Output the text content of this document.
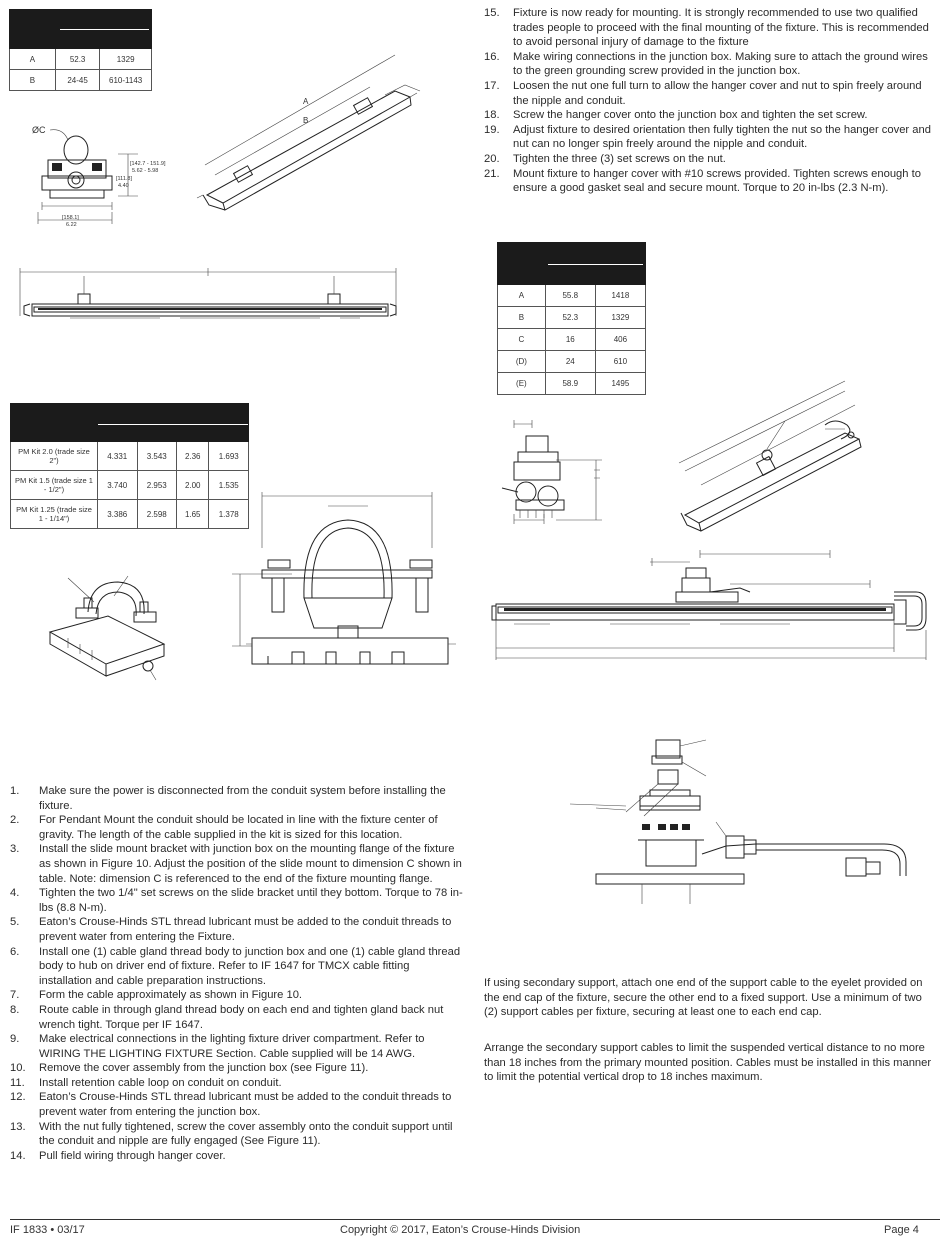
A	52.3	1329
B	24-45	610-1143
ØC
[142.7 - 151.9]
5.62 - 5.98
[111.8]
4.40
[158.1]
6.22
A
B

PM Kit 2.0 (trade size 2")	4.331	3.543	2.36	1.693
PM Kit 1.5 (trade size 1 - 1/2")	3.740	2.953	2.00	1.535
PM Kit 1.25 (trade size 1 - 1/14")	3.386	2.598	1.65	1.378
1. Make sure the power is disconnected from the conduit system before installing the fixture.
2. For Pendant Mount the conduit should be located in line with the fixture center of gravity. The length of the cable supplied in the kit is sized for this location.
3. Install the slide mount bracket with junction box on the mounting flange of the fixture as shown in Figure 10. Adjust the position of the slide mount to dimension C shown in table. Note: dimension C is referenced to the end of the fixture mounting flange.
4. Tighten the two 1/4" set screws on the slide bracket until they bottom. Torque to 78 in-lbs (8.8 N-m).
5. Eaton’s Crouse-Hinds STL thread lubricant must be added to the conduit threads to prevent water from entering the Fixture.
6. Install one (1) cable gland thread body to junction box and one (1) cable gland thread body to hub on driver end of fixture. Refer to IF 1647 for TMCX cable fitting installation and cable preparation instructions.
7. Form the cable approximately as shown in Figure 10.
8. Route cable in through gland thread body on each end and tighten gland back nut wrench tight. Torque per IF 1647.
9. Make electrical connections in the lighting fixture driver compartment. Refer to WIRING THE LIGHTING FIXTURE Section. Cable supplied will be 14 AWG.
10. Remove the cover assembly from the junction box (see Figure 11).
11. Install retention cable loop on conduit on conduit.
12. Eaton’s Crouse-Hinds STL thread lubricant must be added to the conduit threads to prevent water from entering the junction box.
13. With the nut fully tightened, screw the cover assembly onto the conduit support until the conduit and nipple are fully engaged (See Figure 11).
14. Pull field wiring through hanger cover.
15. Fixture is now ready for mounting. It is strongly recommended to use two qualified trades people to proceed with the final mounting of the fixture. This is recommended to avoid personal injury of damage to the fixture
16. Make wiring connections in the junction box. Making sure to attach the ground wires to the green grounding screw provided in the junction box.
17. Loosen the nut one full turn to allow the hanger cover and nut to spin freely around the nipple and conduit.
18. Screw the hanger cover onto the junction box and tighten the set screw.
19. Adjust fixture to desired orientation then fully tighten the nut so the hanger cover and nut can no longer spin freely around the nipple and conduit.
20. Tighten the three (3) set screws on the nut.
21. Mount fixture to hanger cover with #10 screws provided. Tighten screws enough to ensure a good gasket seal and secure mount. Torque to 20 in-lbs (2.3 N-m).

A	55.8	1418
B	52.3	1329
C	16	406
(D)	24	610
(E)	58.9	1495

If using secondary support, attach one end of the support cable to the eyelet provided on the end cap of the fixture, secure the other end to a fixed support. Use a minimum of two (2) support cables per fixture, securing at least one to each end cap.

Arrange the secondary support cables to limit the suspended vertical distance to no more than 18 inches from the primary mounted position. Cables must be installed in this manner to limit the potential vertical drop to 18 inches maximum.

IF 1833 • 03/17	Copyright © 2017, Eaton’s Crouse-Hinds Division	Page 4
